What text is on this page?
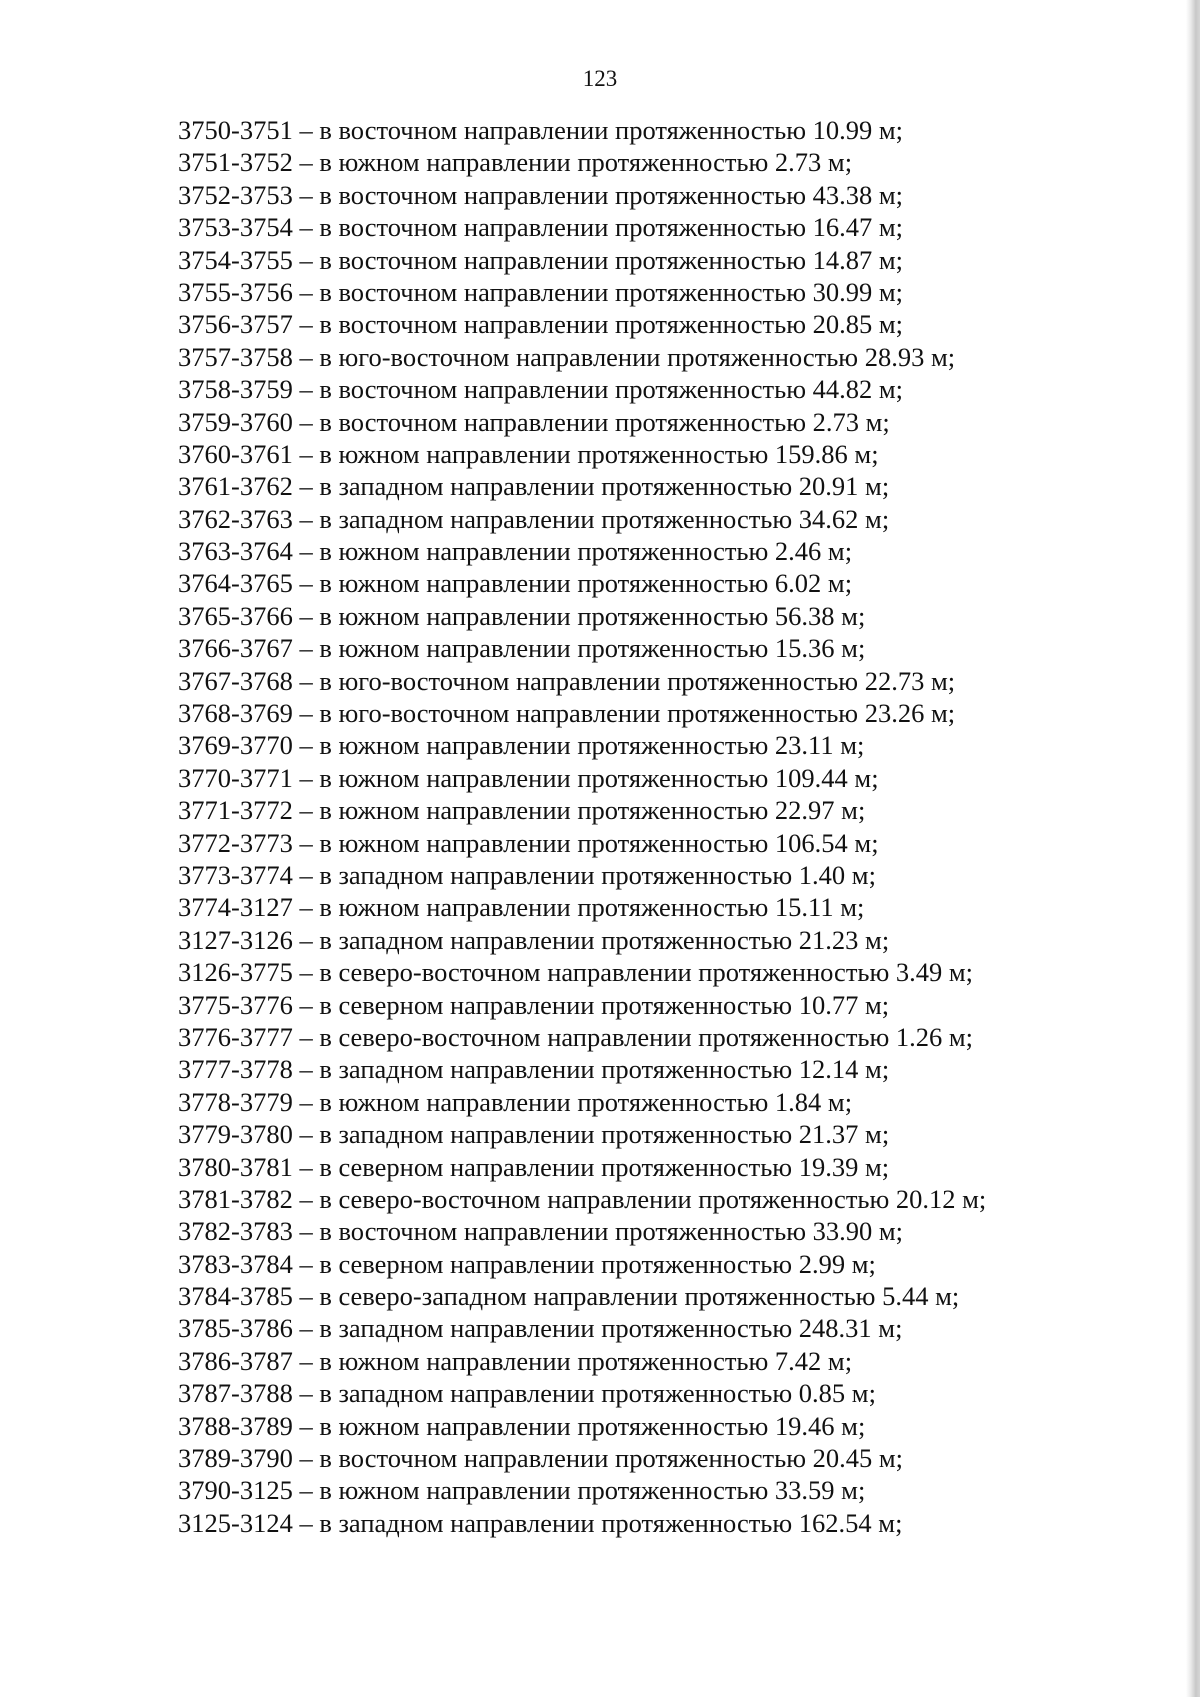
123
3750-3751 – в восточном направлении протяженностью 10.99 м;
3751-3752 – в южном направлении протяженностью 2.73 м;
3752-3753 – в восточном направлении протяженностью 43.38 м;
3753-3754 – в восточном направлении протяженностью 16.47 м;
3754-3755 – в восточном направлении протяженностью 14.87 м;
3755-3756 – в восточном направлении протяженностью 30.99 м;
3756-3757 – в восточном направлении протяженностью 20.85 м;
3757-3758 – в юго-восточном направлении протяженностью 28.93 м;
3758-3759 – в восточном направлении протяженностью 44.82 м;
3759-3760 – в восточном направлении протяженностью 2.73 м;
3760-3761 – в южном направлении протяженностью 159.86 м;
3761-3762 – в западном направлении протяженностью 20.91 м;
3762-3763 – в западном направлении протяженностью 34.62 м;
3763-3764 – в южном направлении протяженностью 2.46 м;
3764-3765 – в южном направлении протяженностью 6.02 м;
3765-3766 – в южном направлении протяженностью 56.38 м;
3766-3767 – в южном направлении протяженностью 15.36 м;
3767-3768 – в юго-восточном направлении протяженностью 22.73 м;
3768-3769 – в юго-восточном направлении протяженностью 23.26 м;
3769-3770 – в южном направлении протяженностью 23.11 м;
3770-3771 – в южном направлении протяженностью 109.44 м;
3771-3772 – в южном направлении протяженностью 22.97 м;
3772-3773 – в южном направлении протяженностью 106.54 м;
3773-3774 – в западном направлении протяженностью 1.40 м;
3774-3127 – в южном направлении протяженностью 15.11 м;
3127-3126 – в западном направлении протяженностью 21.23 м;
3126-3775 – в северо-восточном направлении протяженностью 3.49 м;
3775-3776 – в северном направлении протяженностью 10.77 м;
3776-3777 – в северо-восточном направлении протяженностью 1.26 м;
3777-3778 – в западном направлении протяженностью 12.14 м;
3778-3779 – в южном направлении протяженностью 1.84 м;
3779-3780 – в западном направлении протяженностью 21.37 м;
3780-3781 – в северном направлении протяженностью 19.39 м;
3781-3782 – в северо-восточном направлении протяженностью 20.12 м;
3782-3783 – в восточном направлении протяженностью 33.90 м;
3783-3784 – в северном направлении протяженностью 2.99 м;
3784-3785 – в северо-западном направлении протяженностью 5.44 м;
3785-3786 – в западном направлении протяженностью 248.31 м;
3786-3787 – в южном направлении протяженностью 7.42 м;
3787-3788 – в западном направлении протяженностью 0.85 м;
3788-3789 – в южном направлении протяженностью 19.46 м;
3789-3790 – в восточном направлении протяженностью 20.45 м;
3790-3125 – в южном направлении протяженностью 33.59 м;
3125-3124 – в западном направлении протяженностью 162.54 м;
